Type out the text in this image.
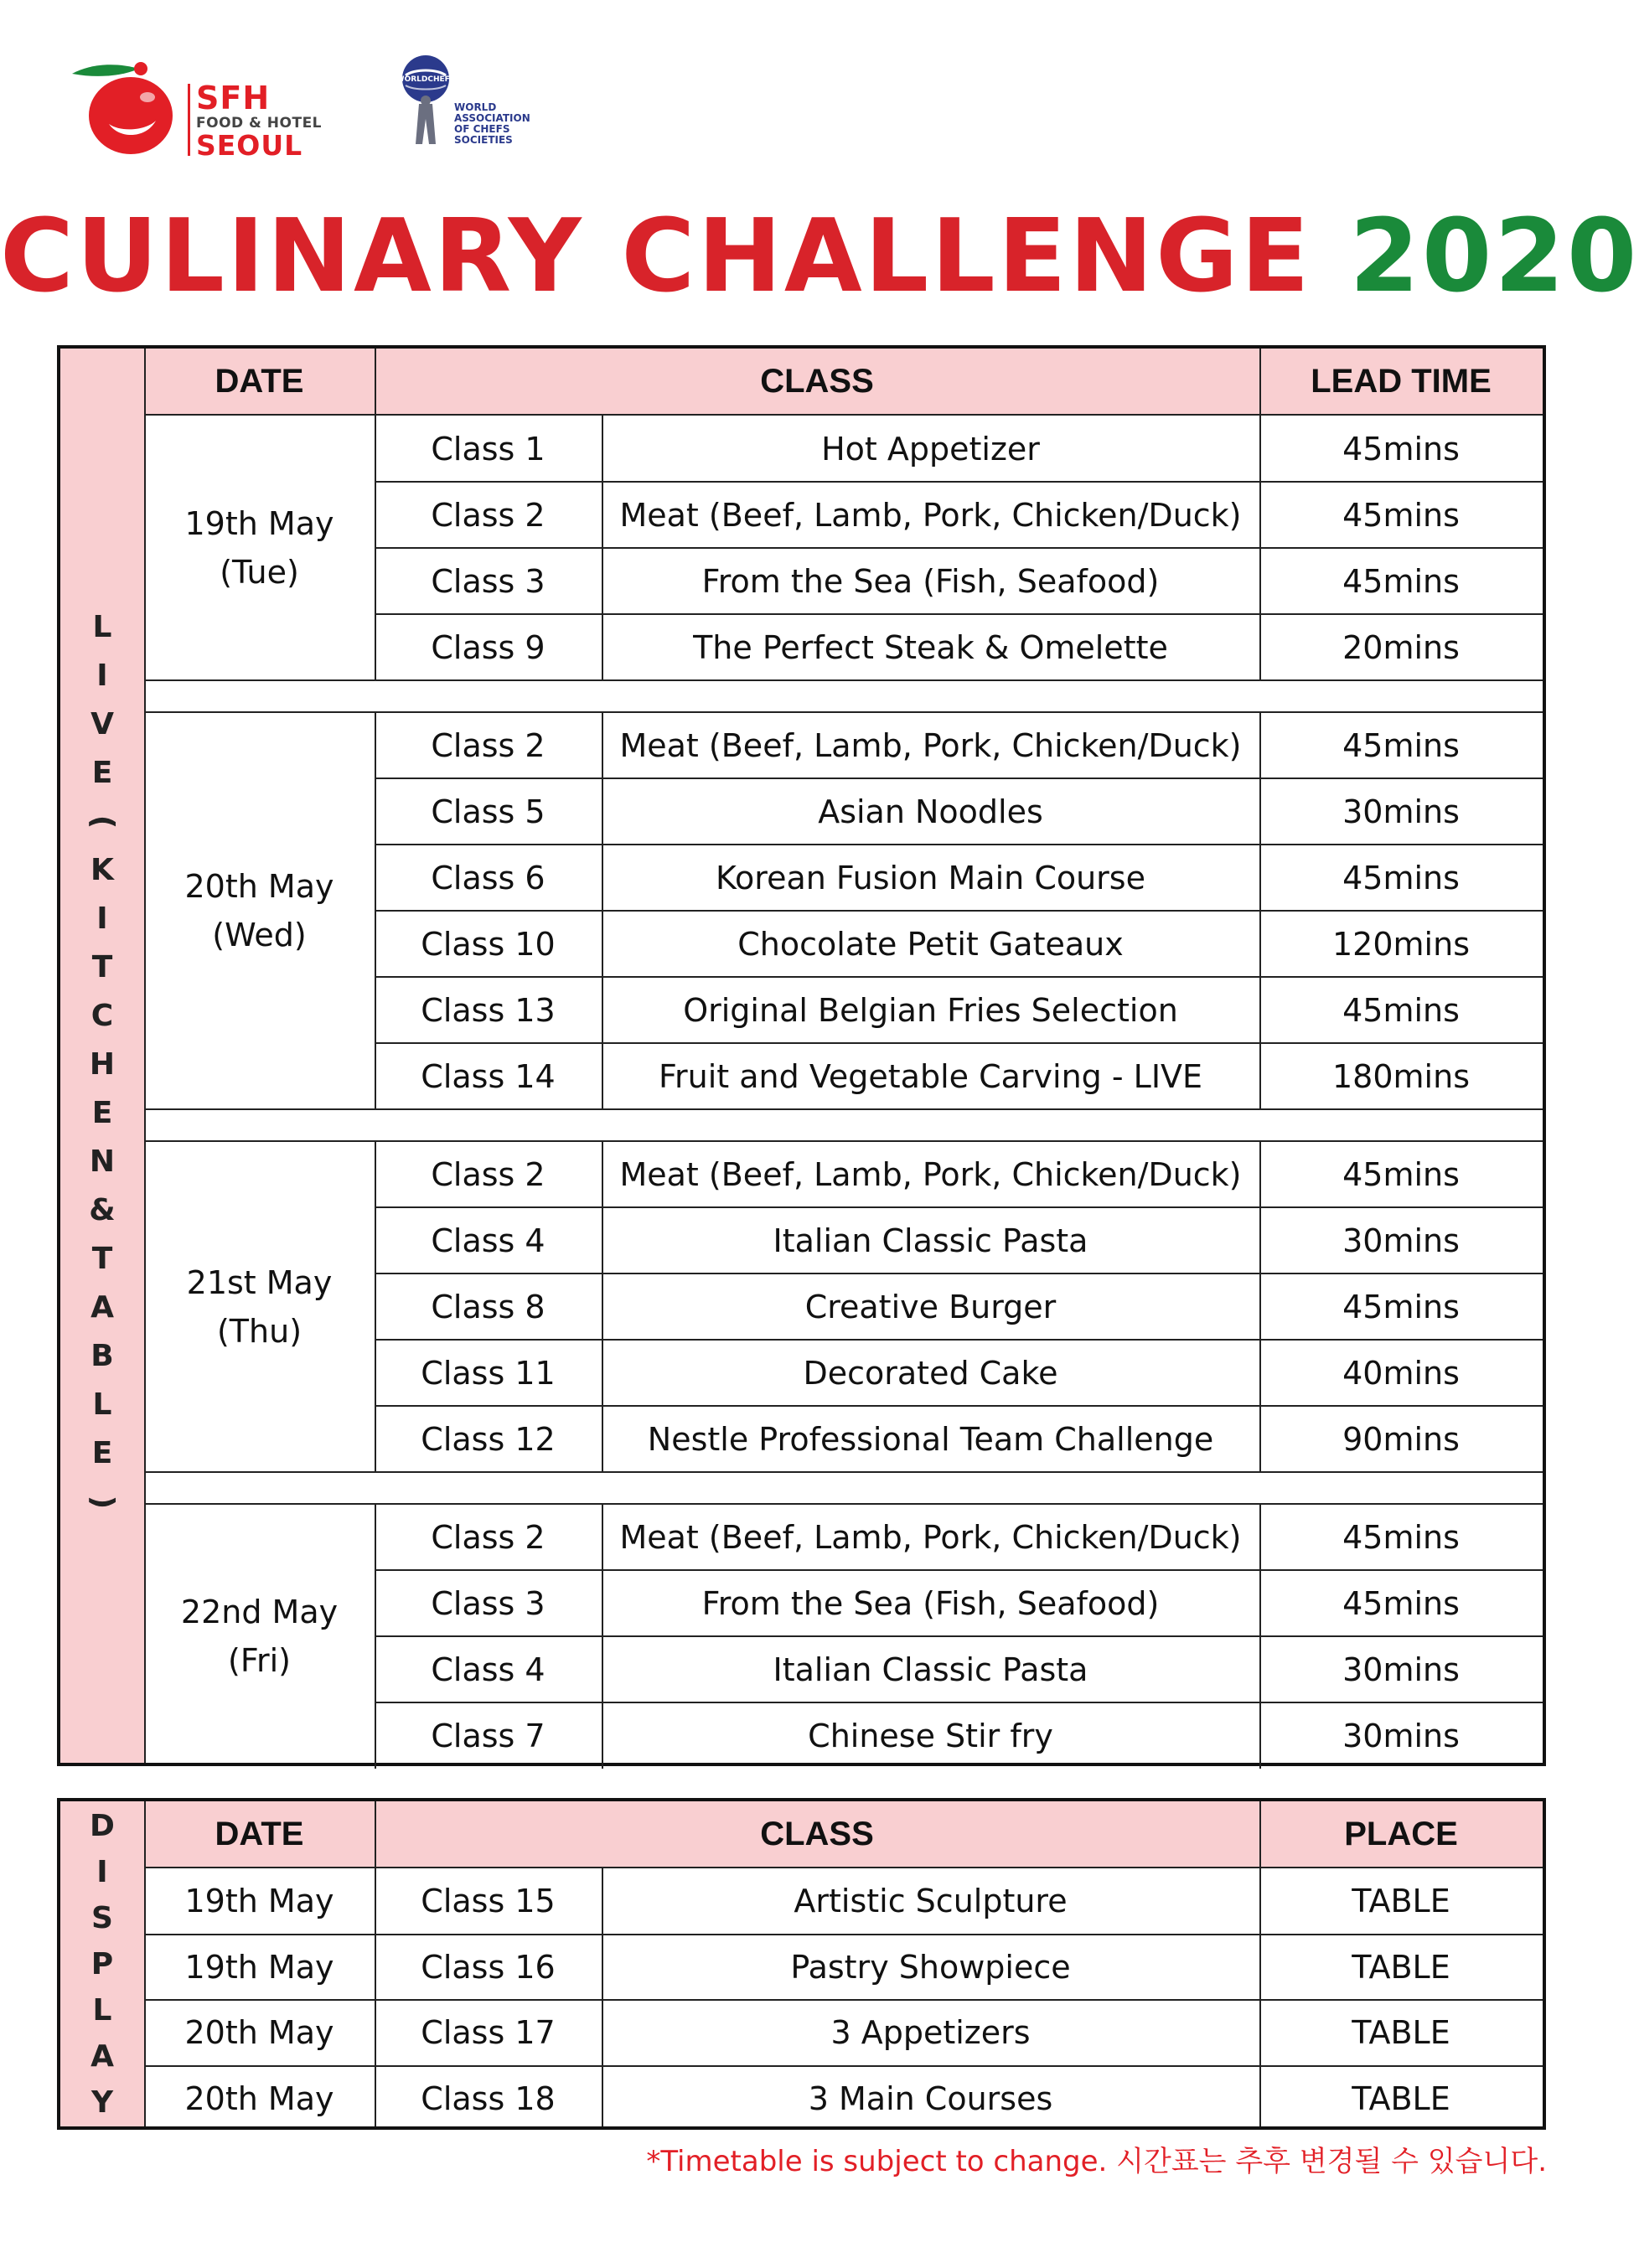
SFH
FOOD & HOTEL
SEOUL
WORLDCHEFS
WORLD
ASSOCIATION
OF CHEFS
SOCIETIES
CULINARY CHALLENGE 2020
DATE	CLASS	LEAD TIME
19th May
(Tue)
Class 1	Hot Appetizer	45mins
Class 2	Meat (Beef, Lamb, Pork, Chicken/Duck)	45mins
Class 3	From the Sea (Fish, Seafood)	45mins
Class 9	The Perfect Steak & Omelette	20mins
20th May
(Wed)
Class 2	Meat (Beef, Lamb, Pork, Chicken/Duck)	45mins
Class 5	Asian Noodles	30mins
Class 6	Korean Fusion Main Course	45mins
Class 10	Chocolate Petit Gateaux	120mins
Class 13	Original Belgian Fries Selection	45mins
Class 14	Fruit and Vegetable Carving - LIVE	180mins
21st May
(Thu)
Class 2	Meat (Beef, Lamb, Pork, Chicken/Duck)	45mins
Class 4	Italian Classic Pasta	30mins
Class 8	Creative Burger	45mins
Class 11	Decorated Cake	40mins
Class 12	Nestle Professional Team Challenge	90mins
22nd May
(Fri)
Class 2	Meat (Beef, Lamb, Pork, Chicken/Duck)	45mins
Class 3	From the Sea (Fish, Seafood)	45mins
Class 4	Italian Classic Pasta	30mins
Class 7	Chinese Stir fry	30mins
L
I
V
E
(
K
I
T
C
H
E
N
&
T
A
B
L
E
)
DATE	CLASS	PLACE
19th May	Class 15	Artistic Sculpture	TABLE
19th May	Class 16	Pastry Showpiece	TABLE
20th May	Class 17	3 Appetizers	TABLE
20th May	Class 18	3 Main Courses	TABLE
D
I
S
P
L
A
Y
*Timetable is subject to change. 시간표는 추후 변경될 수 있습니다.
